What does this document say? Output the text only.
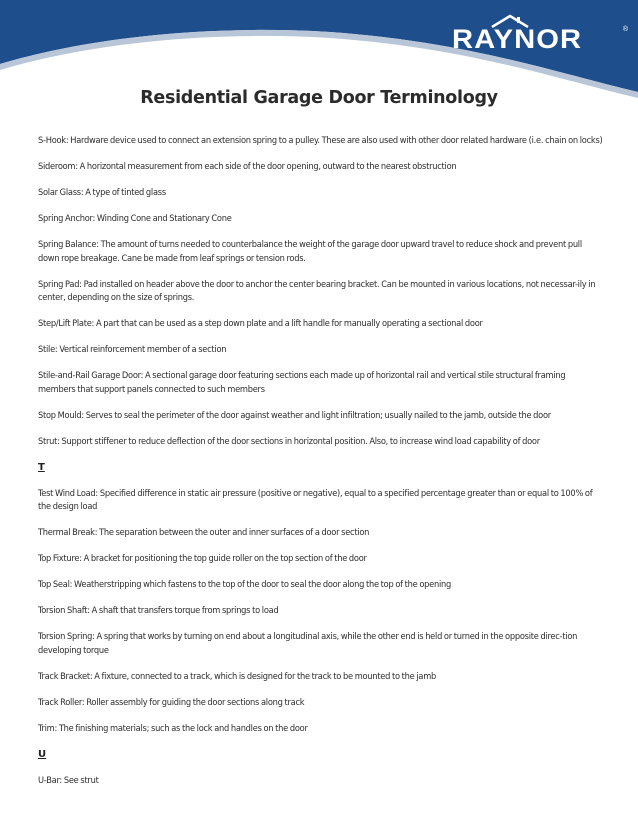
RAYNOR	®
Residential Garage Door Terminology

S-Hook: Hardware device used to connect an extension spring to a pulley. These are also used with other door related hardware (i.e. chain on locks)

Sideroom: A horizontal measurement from each side of the door opening, outward to the nearest obstruction

Solar Glass: A type of tinted glass

Spring Anchor: Winding Cone and Stationary Cone

Spring Balance: The amount of turns needed to counterbalance the weight of the garage door upward travel to reduce shock and prevent pull down rope breakage. Cane be made from leaf springs or tension rods.

Spring Pad: Pad installed on header above the door to anchor the center bearing bracket. Can be mounted in various locations, not necessar-ily in center, depending on the size of springs.

Step/Lift Plate: A part that can be used as a step down plate and a lift handle for manually operating a sectional door

Stile: Vertical reinforcement member of a section

Stile-and-Rail Garage Door: A sectional garage door featuring sections each made up of horizontal rail and vertical stile structural framing members that support panels connected to such members

Stop Mould: Serves to seal the perimeter of the door against weather and light infiltration; usually nailed to the jamb, outside the door

Strut: Support stiffener to reduce deflection of the door sections in horizontal position. Also, to increase wind load capability of door

T

Test Wind Load: Specified difference in static air pressure (positive or negative), equal to a specified percentage greater than or equal to 100% of the design load

Thermal Break: The separation between the outer and inner surfaces of a door section

Top Fixture: A bracket for positioning the top guide roller on the top section of the door

Top Seal: Weatherstripping which fastens to the top of the door to seal the door along the top of the opening

Torsion Shaft: A shaft that transfers torque from springs to load

Torsion Spring: A spring that works by turning on end about a longitudinal axis, while the other end is held or turned in the opposite direc-tion developing torque

Track Bracket: A fixture, connected to a track, which is designed for the track to be mounted to the jamb

Track Roller: Roller assembly for guiding the door sections along track

Trim: The finishing materials; such as the lock and handles on the door

U

U-Bar: See strut
